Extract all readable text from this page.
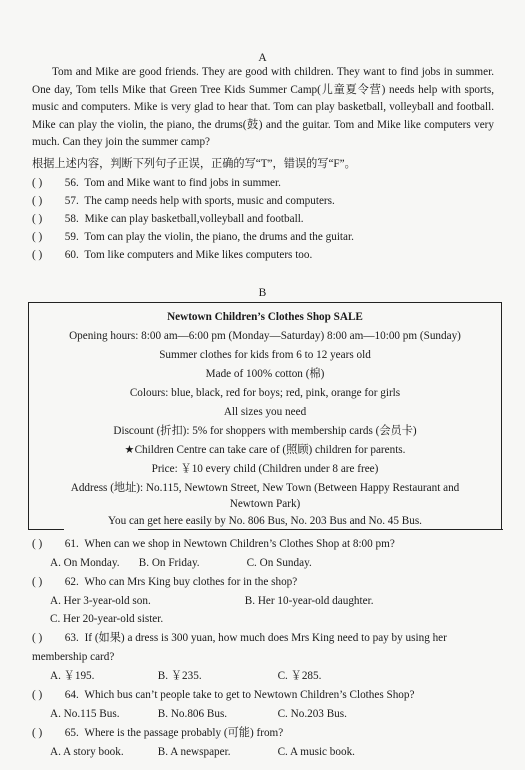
A

Tom and Mike are good friends. They are good with children. They want to find jobs in summer. One day, Tom tells Mike that Green Tree Kids Summer Camp(儿童夏令营) needs help with sports, music and computers. Mike is very glad to hear that. Tom can play basketball, volleyball and football. Mike can play the violin, the piano, the drums(鼓) and the guitar. Tom and Mike like computers very much. Can they join the summer camp?

根据上述内容，判断下列句子正误，正确的写“T”，错误的写“F”。
( ) 56. Tom and Mike want to find jobs in summer.
( ) 57. The camp needs help with sports, music and computers.
( ) 58. Mike can play basketball,volleyball and football.
( ) 59. Tom can play the violin, the piano, the drums and the guitar.
( ) 60. Tom like computers and Mike likes computers too.
B
Newtown Children’s Clothes Shop SALE
Opening hours: 8:00 am—6:00 pm (Monday—Saturday) 8:00 am—10:00 pm (Sunday)
Summer clothes for kids from 6 to 12 years old
Made of 100% cotton (棉)
Colours: blue, black, red for boys; red, pink, orange for girls
All sizes you need
Discount (折扣): 5% for shoppers with membership cards (会员卡)
★Children Centre can take care of (照顾) children for parents.
Price: ￥10 every child (Children under 8 are free)
Address (地址): No.115, Newtown Street, New Town (Between Happy Restaurant and
Newtown Park)
You can get here easily by No. 806 Bus, No. 203 Bus and No. 45 Bus.
( ) 61. When can we shop in Newtown Children’s Clothes Shop at 8:00 pm?
A. On Monday. B. On Friday.	C. On Sunday.
( ) 62. Who can Mrs King buy clothes for in the shop?
A. Her 3-year-old son.	B. Her 10-year-old daughter.
C. Her 20-year-old sister.
( ) 63. If (如果) a dress is 300 yuan, how much does Mrs King need to pay by using her
membership card?
A. ￥195.	B. ￥235.	C. ￥285.
( ) 64. Which bus can’t people take to get to Newtown Children’s Clothes Shop?
A. No.115 Bus.	B. No.806 Bus.	C. No.203 Bus.
( ) 65. Where is the passage probably (可能) from?
A. A story book.	B. A newspaper.	C. A music book.
